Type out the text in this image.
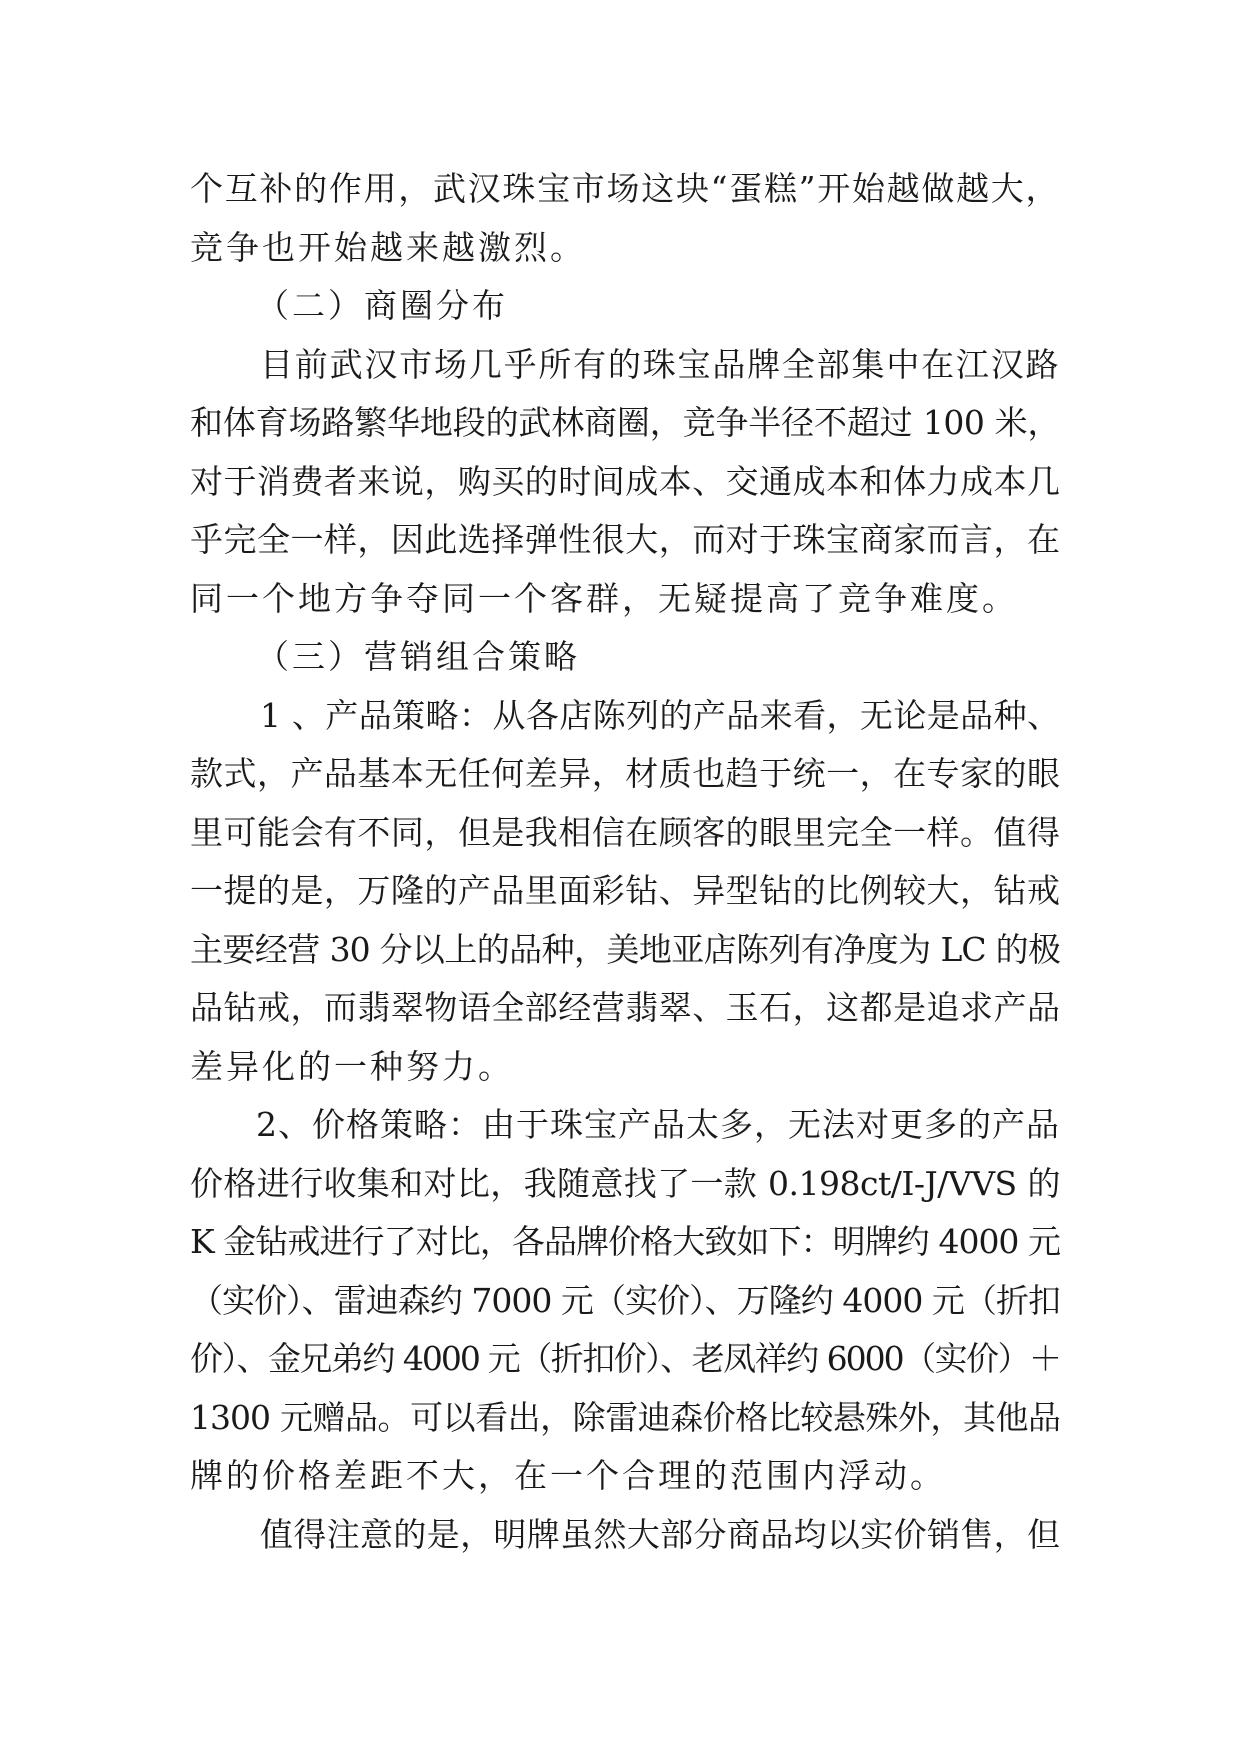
个互补的作用，武汉珠宝市场这块“蛋糕”开始越做越大，
竞争也开始越来越激烈。
（二）商圈分布
目前武汉市场几乎所有的珠宝品牌全部集中在江汉路
和体育场路繁华地段的武林商圈，竞争半径不超过 100 米，
对于消费者来说，购买的时间成本、交通成本和体力成本几
乎完全一样，因此选择弹性很大，而对于珠宝商家而言，在
同一个地方争夺同一个客群，无疑提高了竞争难度。
（三）营销组合策略
1 、产品策略：从各店陈列的产品来看，无论是品种、
款式，产品基本无任何差异，材质也趋于统一，在专家的眼
里可能会有不同，但是我相信在顾客的眼里完全一样。值得
一提的是，万隆的产品里面彩钻、异型钻的比例较大，钻戒
主要经营 30 分以上的品种，美地亚店陈列有净度为 LC 的极
品钻戒，而翡翠物语全部经营翡翠、玉石，这都是追求产品
差异化的一种努力。
2、价格策略：由于珠宝产品太多，无法对更多的产品
价格进行收集和对比，我随意找了一款 0.198ct/I-J/VVS 的
K 金钻戒进行了对比，各品牌价格大致如下：明牌约 4000 元
（实价）、雷迪森约 7000 元（实价）、万隆约 4000 元（折扣
价）、金兄弟约 4000 元（折扣价）、老凤祥约 6000（实价）＋
1300 元赠品。可以看出，除雷迪森价格比较悬殊外，其他品
牌的价格差距不大，在一个合理的范围内浮动。
值得注意的是，明牌虽然大部分商品均以实价销售，但
